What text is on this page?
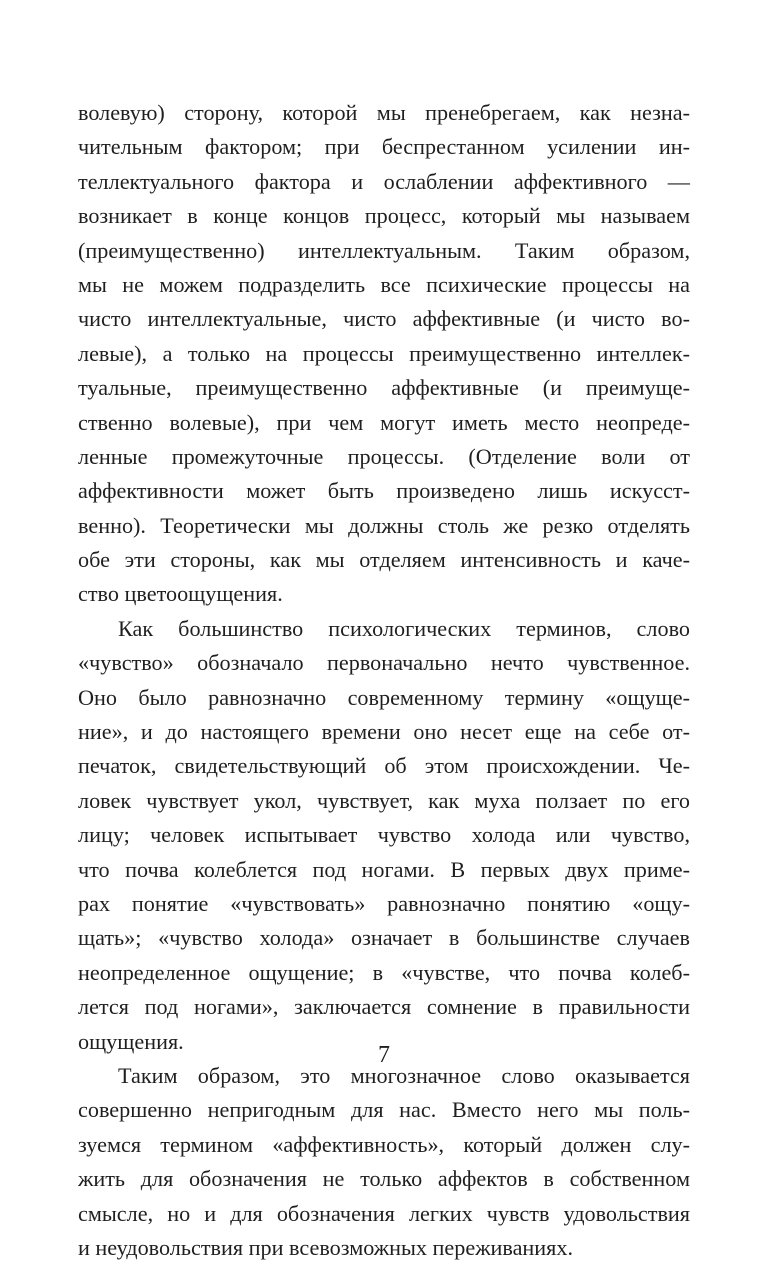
волевую) сторону, которой мы пренебрегаем, как незна-
чительным фактором; при беспрестанном усилении ин-
теллектуального фактора и ослаблении аффективного —
возникает в конце концов процесс, который мы называем
(преимущественно) интеллектуальным. Таким образом,
мы не можем подразделить все психические процессы на
чисто интеллектуальные, чисто аффективные (и чисто во-
левые), а только на процессы преимущественно интеллек-
туальные, преимущественно аффективные (и преимуще-
ственно волевые), при чем могут иметь место неопреде-
ленные промежуточные процессы. (Отделение воли от
аффективности может быть произведено лишь искусст-
венно). Теоретически мы должны столь же резко отделять
обе эти стороны, как мы отделяем интенсивность и каче-
ство цветоощущения.
Как большинство психологических терминов, слово
«чувство» обозначало первоначально нечто чувственное.
Оно было равнозначно современному термину «ощуще-
ние», и до настоящего времени оно несет еще на себе от-
печаток, свидетельствующий об этом происхождении. Че-
ловек чувствует укол, чувствует, как муха ползает по его
лицу; человек испытывает чувство холода или чувство,
что почва колеблется под ногами. В первых двух приме-
рах понятие «чувствовать» равнозначно понятию «ощу-
щать»; «чувство холода» означает в большинстве случаев
неопределенное ощущение; в «чувстве, что почва колеб-
лется под ногами», заключается сомнение в правильности
ощущения.
Таким образом, это многозначное слово оказывается
совершенно непригодным для нас. Вместо него мы поль-
зуемся термином «аффективность», который должен слу-
жить для обозначения не только аффектов в собственном
смысле, но и для обозначения легких чувств удовольствия
и неудовольствия при всевозможных переживаниях.
7
